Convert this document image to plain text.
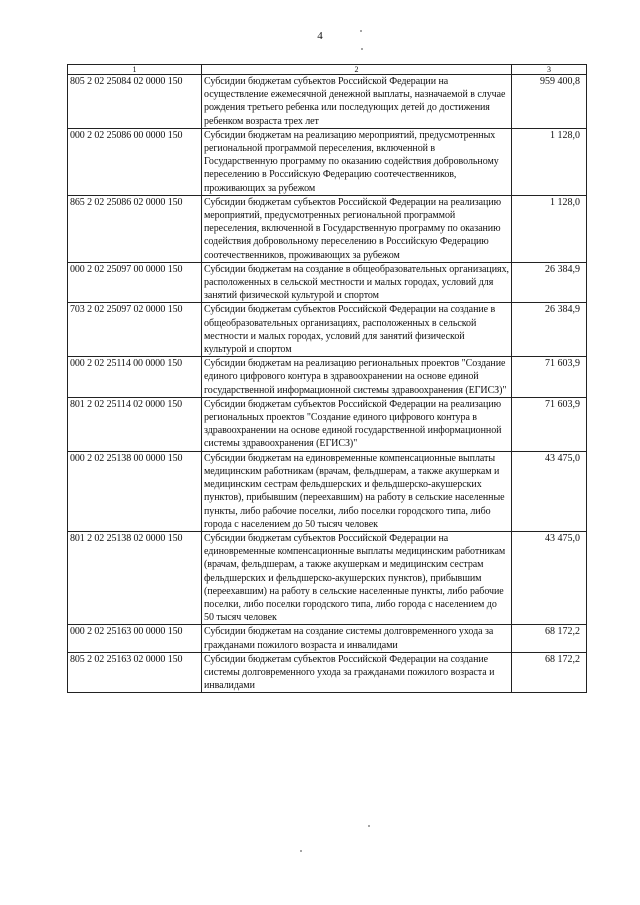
4
1	2	3
805 2 02 25084 02 0000 150	Субсидии бюджетам субъектов Российской Федерации на осуществление ежемесячной денежной выплаты, назначаемой в случае рождения третьего ребенка или последующих детей до достижения ребенком возраста трех лет	959 400,8
000 2 02 25086 00 0000 150	Субсидии бюджетам на реализацию мероприятий, предусмотренных региональной программой переселения, включенной в Государственную программу по оказанию содействия добровольному переселению в Российскую Федерацию соотечественников, проживающих за рубежом	1 128,0
865 2 02 25086 02 0000 150	Субсидии бюджетам субъектов Российской Федерации на реализацию мероприятий, предусмотренных региональной программой переселения, включенной в Государственную программу по оказанию содействия добровольному переселению в Российскую Федерацию соотечественников, проживающих за рубежом	1 128,0
000 2 02 25097 00 0000 150	Субсидии бюджетам на создание в общеобразовательных организациях, расположенных в сельской местности и малых городах, условий для занятий физической культурой и спортом	26 384,9
703 2 02 25097 02 0000 150	Субсидии бюджетам субъектов Российской Федерации на создание в общеобразовательных организациях, расположенных в сельской местности и малых городах, условий для занятий физической культурой и спортом	26 384,9
000 2 02 25114 00 0000 150	Субсидии бюджетам на реализацию региональных проектов "Создание единого цифрового контура в здравоохранении на основе единой государственной информационной системы здравоохранения (ЕГИСЗ)"	71 603,9
801 2 02 25114 02 0000 150	Субсидии бюджетам субъектов Российской Федерации на реализацию региональных проектов "Создание единого цифрового контура в здравоохранении на основе единой государственной информационной системы здравоохранения (ЕГИСЗ)"	71 603,9
000 2 02 25138 00 0000 150	Субсидии бюджетам на единовременные компенсационные выплаты медицинским работникам (врачам, фельдшерам, а также акушеркам и медицинским сестрам фельдшерских и фельдшерско-акушерских пунктов), прибывшим (переехавшим) на работу в сельские населенные пункты, либо рабочие поселки, либо поселки городского типа, либо города с населением до 50 тысяч человек	43 475,0
801 2 02 25138 02 0000 150	Субсидии бюджетам субъектов Российской Федерации на единовременные компенсационные выплаты медицинским работникам (врачам, фельдшерам, а также акушеркам и медицинским сестрам фельдшерских и фельдшерско-акушерских пунктов), прибывшим (переехавшим) на работу в сельские населенные пункты, либо рабочие поселки, либо поселки городского типа, либо города с населением до 50 тысяч человек	43 475,0
000 2 02 25163 00 0000 150	Субсидии бюджетам на создание системы долговременного ухода за гражданами пожилого возраста и инвалидами	68 172,2
805 2 02 25163 02 0000 150	Субсидии бюджетам субъектов Российской Федерации на создание системы долговременного ухода за гражданами пожилого возраста и инвалидами	68 172,2
